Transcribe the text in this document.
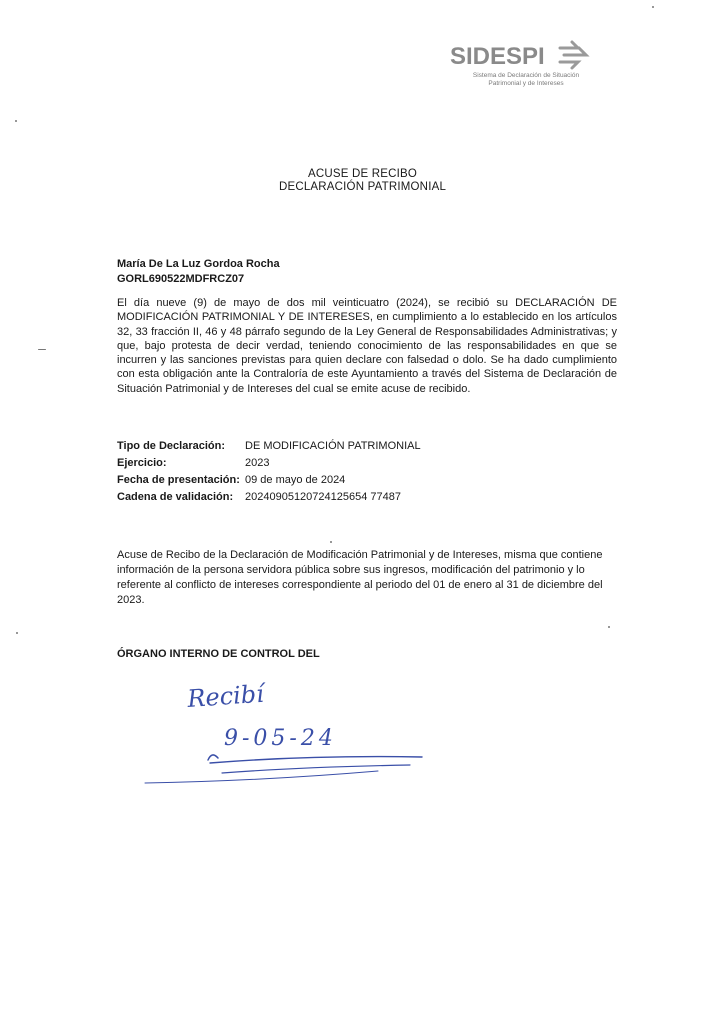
SIDESPI
Sistema de Declaración de Situación
Patrimonial y de Intereses
ACUSE DE RECIBO
DECLARACIÓN PATRIMONIAL
María De La Luz Gordoa Rocha
GORL690522MDFRCZ07
El día nueve (9) de mayo de dos mil veinticuatro (2024), se recibió su DECLARACIÓN DE MODIFICACIÓN PATRIMONIAL Y DE INTERESES, en cumplimiento a lo establecido en los artículos 32, 33 fracción II, 46 y 48 párrafo segundo de la Ley General de Responsabilidades Administrativas; y que, bajo protesta de decir verdad, teniendo conocimiento de las responsabilidades en que se incurren y las sanciones previstas para quien declare con falsedad o dolo. Se ha dado cumplimiento con esta obligación ante la Contraloría de este Ayuntamiento a través del Sistema de Declaración de Situación Patrimonial y de Intereses del cual se emite acuse de recibido.
Tipo de Declaración: DE MODIFICACIÓN PATRIMONIAL
Ejercicio:	2023
Fecha de presentación: 09 de mayo de 2024
Cadena de validación: 20240905120724125654 77487
Acuse de Recibo de la Declaración de Modificación Patrimonial y de Intereses, misma que contiene información de la persona servidora pública sobre sus ingresos, modificación del patrimonio y lo referente al conflicto de intereses correspondiente al periodo del 01 de enero al 31 de diciembre del 2023.
ÓRGANO INTERNO DE CONTROL DEL
Recibí
9-05-24
